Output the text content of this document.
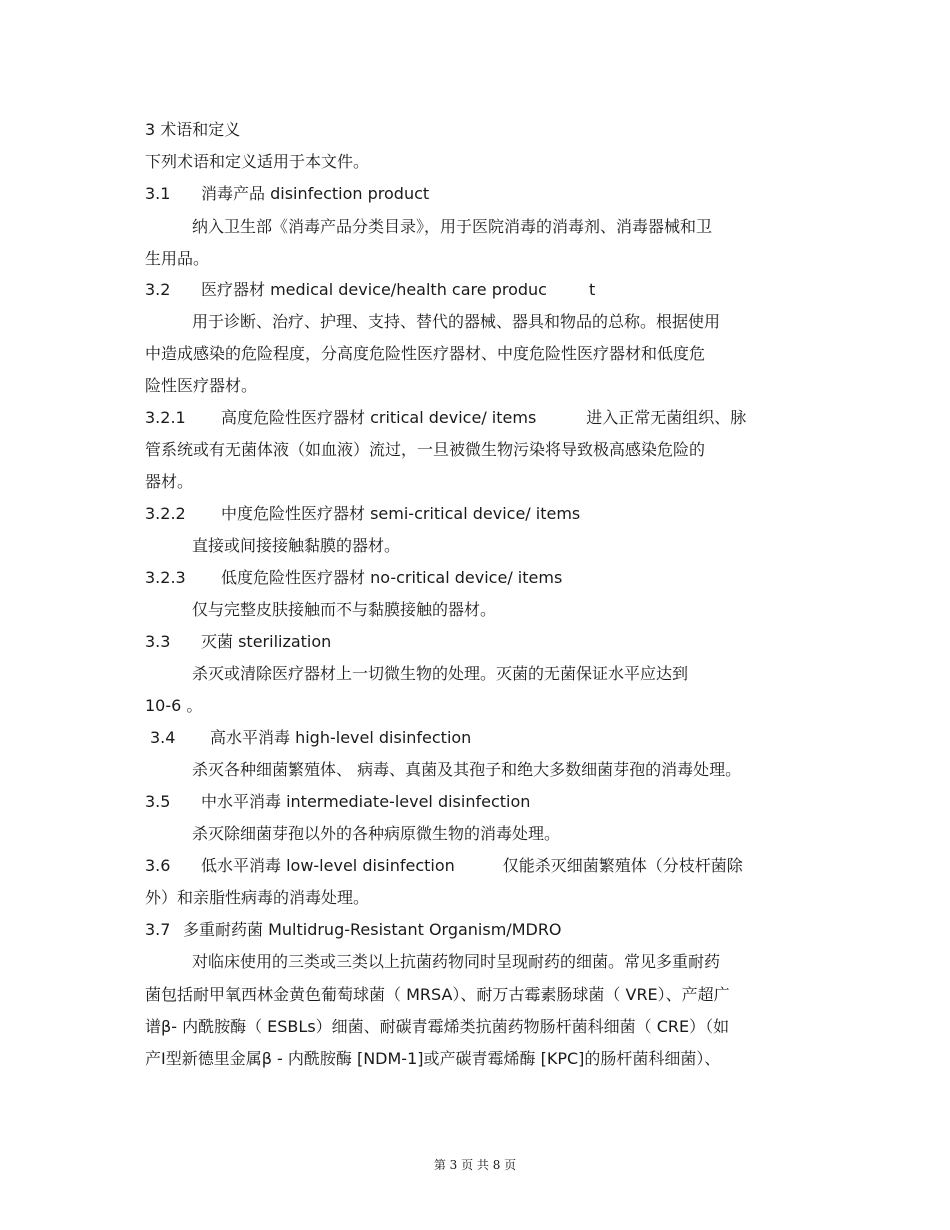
3 术语和定义
下列术语和定义适用于本文件。
3.1 消毒产品 disinfection product
纳入卫生部《消毒产品分类目录》，用于医院消毒的消毒剂、消毒器械和卫
生用品。
3.2 医疗器材 medical device/health care produc	t
用于诊断、治疗、护理、支持、替代的器械、器具和物品的总称。根据使用
中造成感染的危险程度，分高度危险性医疗器材、中度危险性医疗器材和低度危
险性医疗器材。
3.2.1 高度危险性医疗器材 critical device/ items	进入正常无菌组织、脉
管系统或有无菌体液（如血液）流过，一旦被微生物污染将导致极高感染危险的
器材。
3.2.2 中度危险性医疗器材 semi-critical device/ items
直接或间接接触黏膜的器材。
3.2.3 低度危险性医疗器材 no-critical device/ items
仅与完整皮肤接触而不与黏膜接触的器材。
3.3 灭菌 sterilization
杀灭或清除医疗器材上一切微生物的处理。灭菌的无菌保证水平应达到
10-6 。
3.4 高水平消毒 high-level disinfection
杀灭各种细菌繁殖体、 病毒、真菌及其孢子和绝大多数细菌芽孢的消毒处理。
3.5 中水平消毒 intermediate-level disinfection
杀灭除细菌芽孢以外的各种病原微生物的消毒处理。
3.6 低水平消毒 low-level disinfection	仅能杀灭细菌繁殖体（分枝杆菌除
外）和亲脂性病毒的消毒处理。
3.7 多重耐药菌 Multidrug-Resistant Organism/MDRO
对临床使用的三类或三类以上抗菌药物同时呈现耐药的细菌。常见多重耐药
菌包括耐甲氧西林金黄色葡萄球菌（ MRSA）、耐万古霉素肠球菌（ VRE）、产超广
谱β- 内酰胺酶（ ESBLs）细菌、耐碳青霉烯类抗菌药物肠杆菌科细菌（ CRE）（如
产Ⅰ型新德里金属β - 内酰胺酶 [NDM-1]或产碳青霉烯酶 [KPC]的肠杆菌科细菌）、
第 3 页 共 8 页
